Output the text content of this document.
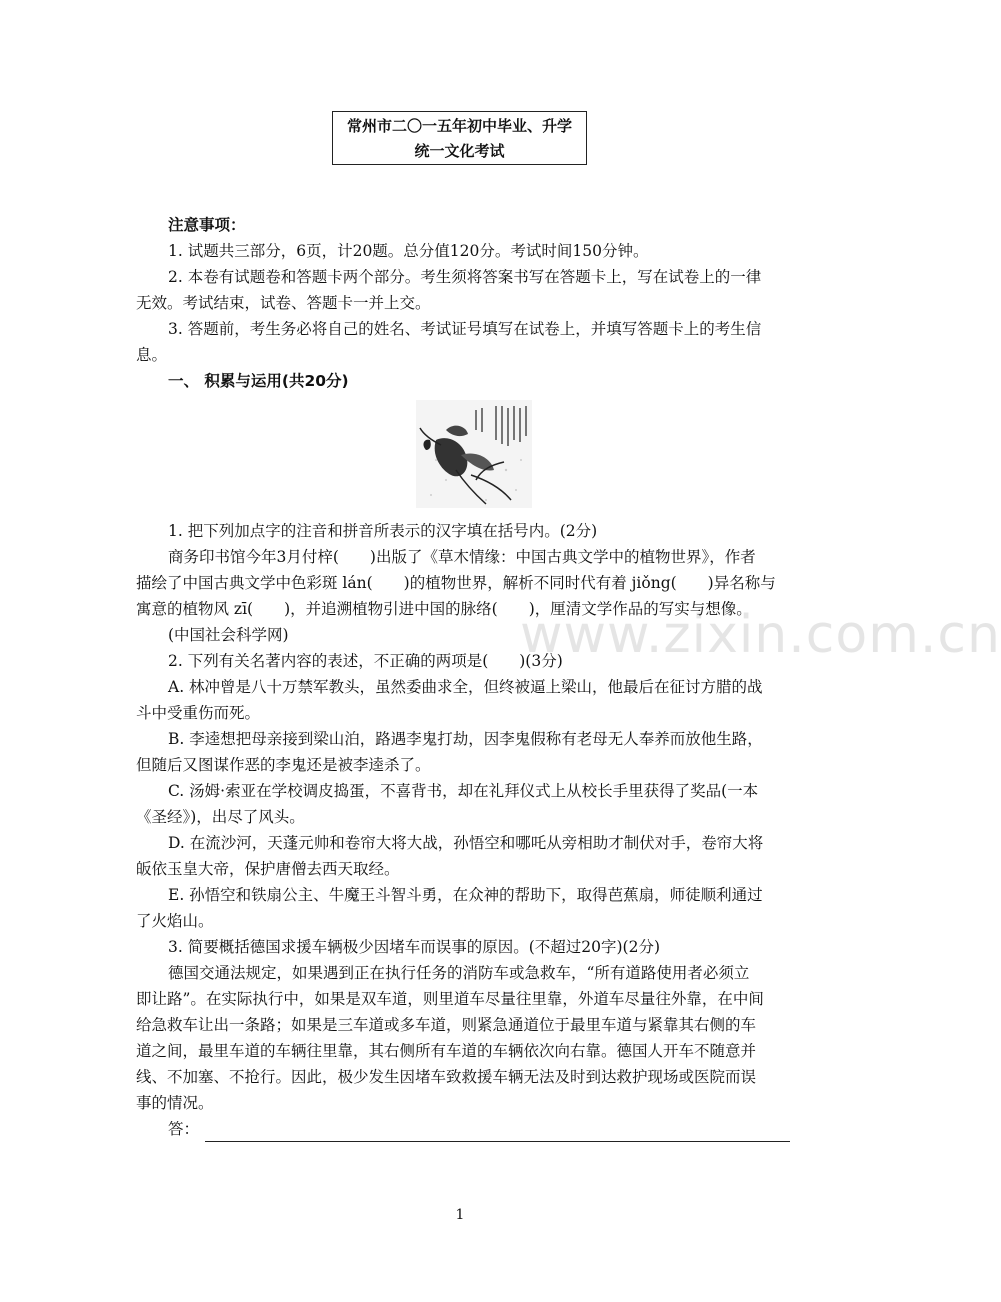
常州市二〇一五年初中毕业、升学
统一文化考试
www.zixin.com.cn
注意事项：
1. 试题共三部分，6页，计20题。总分值120分。考试时间150分钟。
2. 本卷有试题卷和答题卡两个部分。考生须将答案书写在答题卡上，写在试卷上的一律
无效。考试结束，试卷、答题卡一并上交。
3. 答题前，考生务必将自己的姓名、考试证号填写在试卷上，并填写答题卡上的考生信
息。
一、 积累与运用(共20分)
1. 把下列加点字的注音和拼音所表示的汉字填在括号内。(2分)
商务印书馆今年3月付梓(　　)出版了《草木情缘：中国古典文学中的植物世界》，作者
描绘了中国古典文学中色彩斑 lán(　　)的植物世界，解析不同时代有着 jiǒng(　　)异名称与
寓意的植物风 zī(　　)，并追溯植物引进中国的脉络(　　)，厘清文学作品的写实与想像。
(中国社会科学网)
2. 下列有关名著内容的表述，不正确的两项是(　　)(3分)
A. 林冲曾是八十万禁军教头，虽然委曲求全，但终被逼上梁山，他最后在征讨方腊的战
斗中受重伤而死。
B. 李逵想把母亲接到梁山泊，路遇李鬼打劫，因李鬼假称有老母无人奉养而放他生路，
但随后又图谋作恶的李鬼还是被李逵杀了。
C. 汤姆·索亚在学校调皮捣蛋，不喜背书，却在礼拜仪式上从校长手里获得了奖品(一本
《圣经》)，出尽了风头。
D. 在流沙河，天蓬元帅和卷帘大将大战，孙悟空和哪吒从旁相助才制伏对手，卷帘大将
皈依玉皇大帝，保护唐僧去西天取经。
E. 孙悟空和铁扇公主、牛魔王斗智斗勇，在众神的帮助下，取得芭蕉扇，师徒顺利通过
了火焰山。
3. 简要概括德国求援车辆极少因堵车而误事的原因。(不超过20字)(2分)
德国交通法规定，如果遇到正在执行任务的消防车或急救车，“所有道路使用者必须立
即让路”。在实际执行中，如果是双车道，则里道车尽量往里靠，外道车尽量往外靠，在中间
给急救车让出一条路；如果是三车道或多车道，则紧急通道位于最里车道与紧靠其右侧的车
道之间，最里车道的车辆往里靠，其右侧所有车道的车辆依次向右靠。德国人开车不随意并
线、不加塞、不抢行。因此，极少发生因堵车致救援车辆无法及时到达救护现场或医院而误
事的情况。
答：
1
